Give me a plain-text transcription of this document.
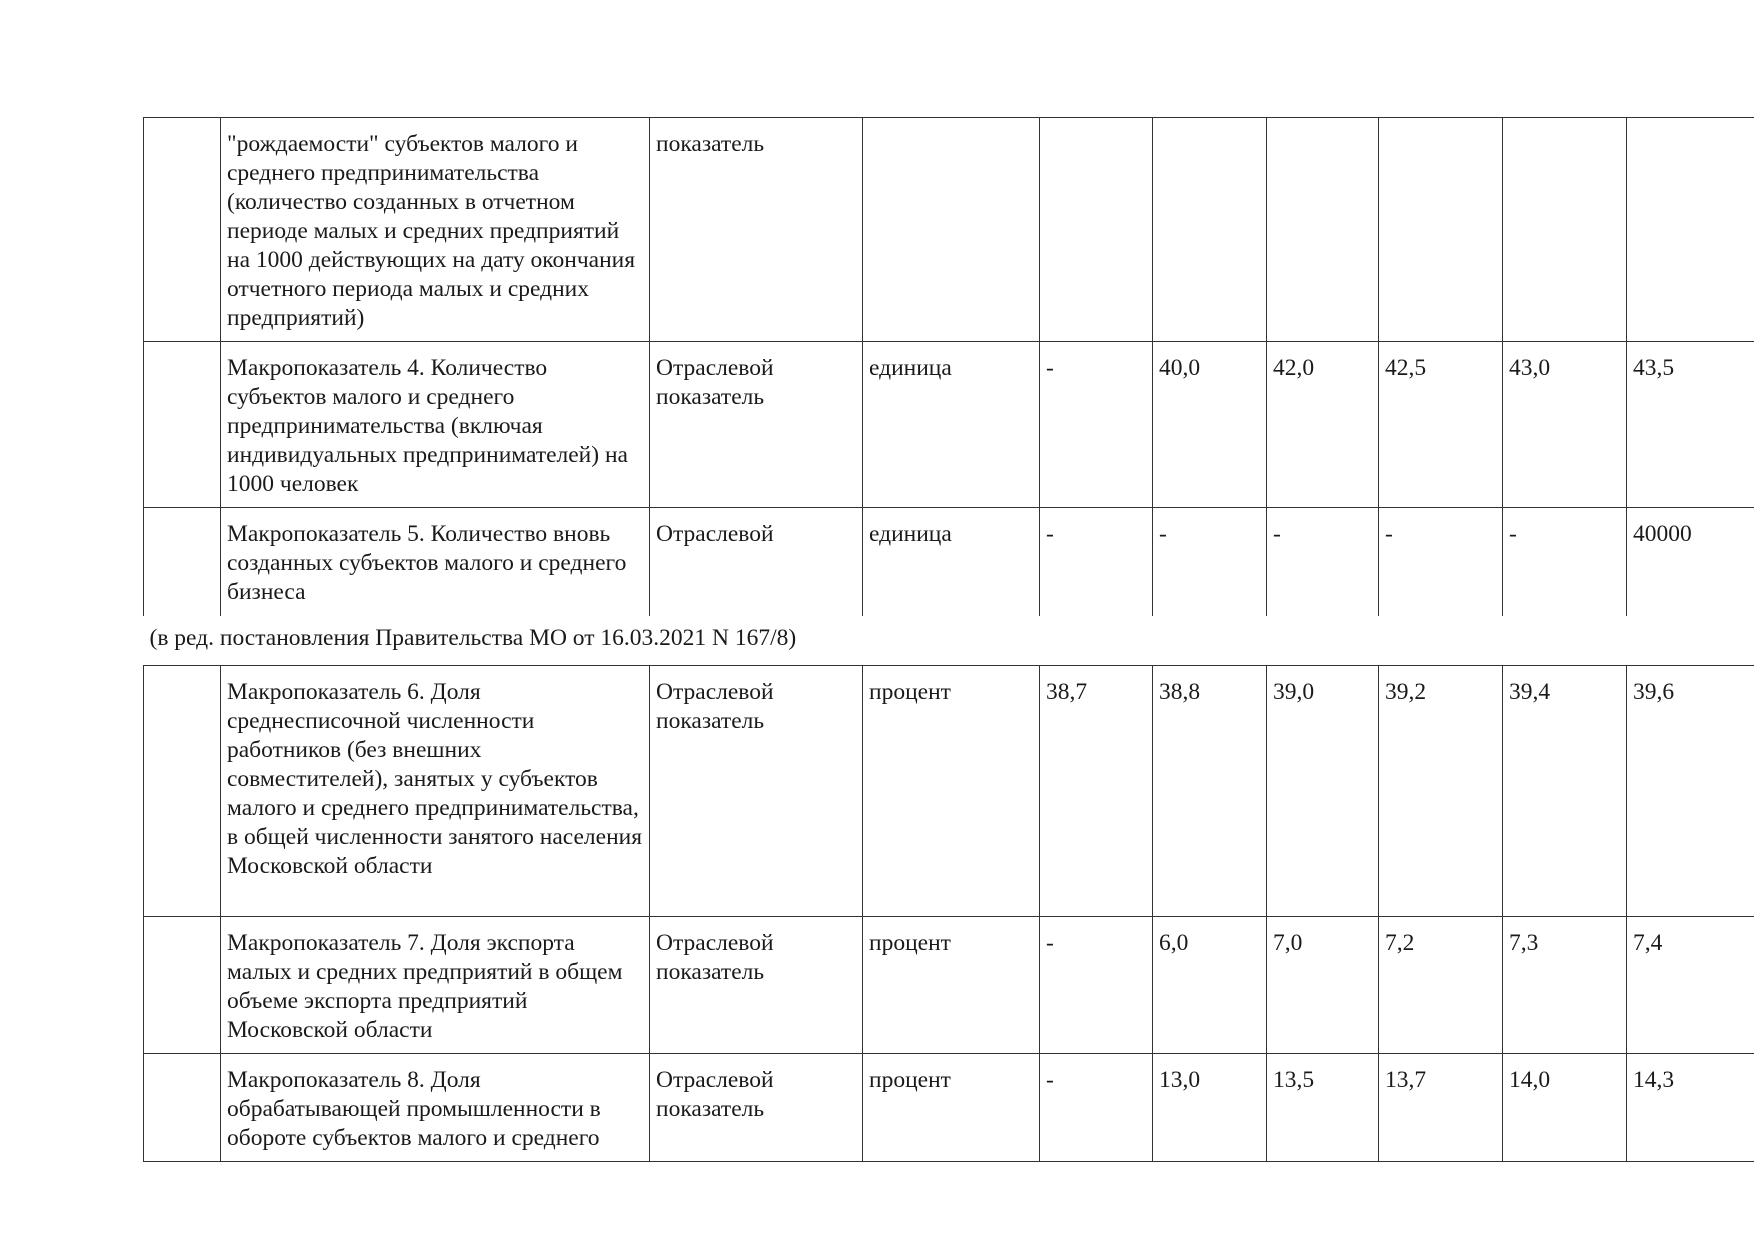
	"рождаемости" субъектов малого и среднего предпринимательства (количество созданных в отчетном периоде малых и средних предприятий на 1000 действующих на дату окончания отчетного периода малых и средних предприятий)	показатель							
	Макропоказатель 4. Количество субъектов малого и среднего предпринимательства (включая индивидуальных предпринимателей) на 1000 человек	Отраслевой показатель	единица	-	40,0	42,0	42,5	43,0	43,5
	Макропоказатель 5. Количество вновь созданных субъектов малого и среднего бизнеса	Отраслевой	единица	-	-	-	-	-	40000
(в ред. постановления Правительства МО от 16.03.2021 N 167/8)									
	Макропоказатель 6. Доля среднесписочной численности работников (без внешних совместителей), занятых у субъектов малого и среднего предпринимательства, в общей численности занятого населения Московской области	Отраслевой показатель	процент	38,7	38,8	39,0	39,2	39,4	39,6
	Макропоказатель 7. Доля экспорта малых и средних предприятий в общем объеме экспорта предприятий Московской области	Отраслевой показатель	процент	-	6,0	7,0	7,2	7,3	7,4
	Макропоказатель 8. Доля обрабатывающей промышленности в обороте субъектов малого и среднего	Отраслевой показатель	процент	-	13,0	13,5	13,7	14,0	14,3
